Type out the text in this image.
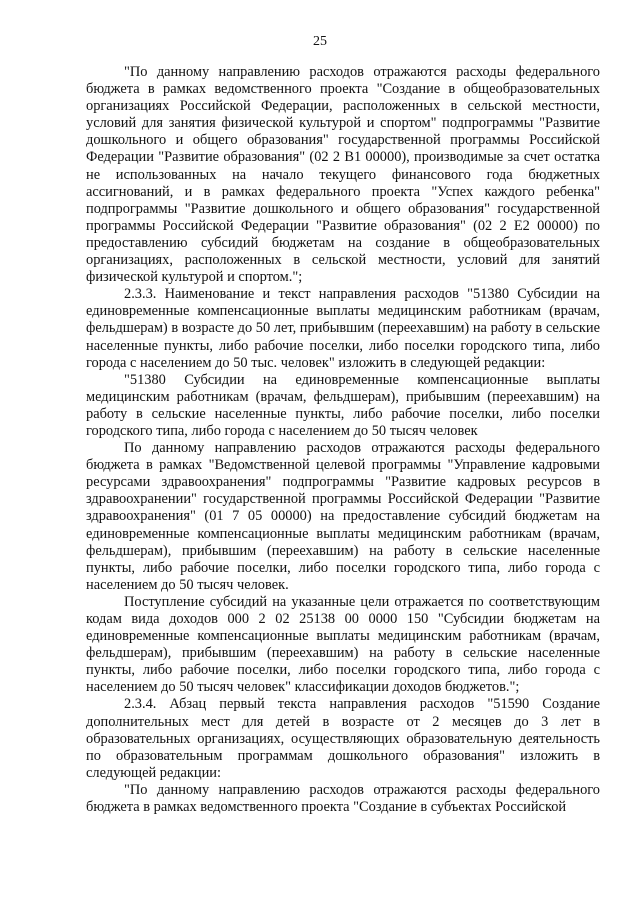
25

"По данному направлению расходов отражаются расходы федерального бюджета в рамках ведомственного проекта "Создание в общеобразовательных организациях Российской Федерации, расположенных в сельской местности, условий для занятия физической культурой и спортом" подпрограммы "Развитие дошкольного и общего образования" государственной программы Российской Федерации "Развитие образования" (02 2 В1 00000), производимые за счет остатка не использованных на начало текущего финансового года бюджетных ассигнований, и в рамках федерального проекта "Успех каждого ребенка" подпрограммы "Развитие дошкольного и общего образования" государственной программы Российской Федерации "Развитие образования" (02 2 Е2 00000) по предоставлению субсидий бюджетам на создание в общеобразовательных организациях, расположенных в сельской местности, условий для занятий физической культурой и спортом.";

2.3.3. Наименование и текст направления расходов "51380 Субсидии на единовременные компенсационные выплаты медицинским работникам (врачам, фельдшерам) в возрасте до 50 лет, прибывшим (переехавшим) на работу в сельские населенные пункты, либо рабочие поселки, либо поселки городского типа, либо города с населением до 50 тыс. человек" изложить в следующей редакции:

"51380 Субсидии на единовременные компенсационные выплаты медицинским работникам (врачам, фельдшерам), прибывшим (переехавшим) на работу в сельские населенные пункты, либо рабочие поселки, либо поселки городского типа, либо города с населением до 50 тысяч человек

По данному направлению расходов отражаются расходы федерального бюджета в рамках "Ведомственной целевой программы "Управление кадровыми ресурсами здравоохранения" подпрограммы "Развитие кадровых ресурсов в здравоохранении" государственной программы Российской Федерации "Развитие здравоохранения" (01 7 05 00000) на предоставление субсидий бюджетам на единовременные компенсационные выплаты медицинским работникам (врачам, фельдшерам), прибывшим (переехавшим) на работу в сельские населенные пункты, либо рабочие поселки, либо поселки городского типа, либо города с населением до 50 тысяч человек.

Поступление субсидий на указанные цели отражается по соответствующим кодам вида доходов 000 2 02 25138 00 0000 150 "Субсидии бюджетам на единовременные компенсационные выплаты медицинским работникам (врачам, фельдшерам), прибывшим (переехавшим) на работу в сельские населенные пункты, либо рабочие поселки, либо поселки городского типа, либо города с населением до 50 тысяч человек" классификации доходов бюджетов.";

2.3.4. Абзац первый текста направления расходов "51590 Создание дополнительных мест для детей в возрасте от 2 месяцев до 3 лет в образовательных организациях, осуществляющих образовательную деятельность по образовательным программам дошкольного образования" изложить в следующей редакции:

"По данному направлению расходов отражаются расходы федерального бюджета в рамках ведомственного проекта "Создание в субъектах Российской
